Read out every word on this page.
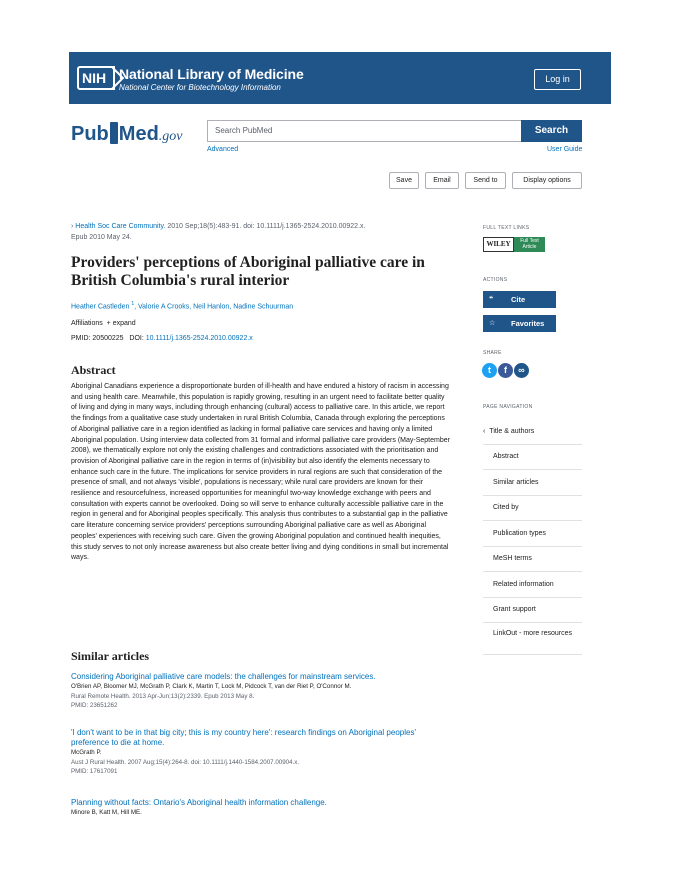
NIH National Library of Medicine
National Center for Biotechnology Information
Log in
Pub Med.gov	Search PubMed	Search
Advanced	User Guide
Save	Email	Send to	Display options
› Health Soc Care Community. 2010 Sep;18(5):483-91. doi: 10.1111/j.1365-2524.2010.00922.x.
Epub 2010 May 24.
Providers' perceptions of Aboriginal palliative care in British Columbia's rural interior
Heather Castleden $^1$, Valorie A Crooks, Neil Hanlon, Nadine Schuurman
Affiliations + expand
PMID: 20500225 DOI: 10.1111/j.1365-2524.2010.00922.x
Abstract

Aboriginal Canadians experience a disproportionate burden of ill-health and have endured a history of racism in accessing and using health care. Meanwhile, this population is rapidly growing, resulting in an urgent need to facilitate better quality of living and dying in many ways, including through enhancing (cultural) access to palliative care. In this article, we report the findings from a qualitative case study undertaken in rural British Columbia, Canada through exploring the perceptions of Aboriginal palliative care in a region identified as lacking in formal palliative care services and having only a limited Aboriginal population. Using interview data collected from 31 formal and informal palliative care providers (May-September 2008), we thematically explore not only the existing challenges and contradictions associated with the prioritisation and provision of Aboriginal palliative care in the region in terms of (in)visibility but also identify the elements necessary to enhance such care in the future. The implications for service providers in rural regions are such that consideration of the presence of small, and not always 'visible', populations is necessary; while rural care providers are known for their resilience and resourcefulness, increased opportunities for meaningful two-way knowledge exchange with peers and consultation with experts cannot be overlooked. Doing so will serve to enhance culturally accessible palliative care in the region in general and for Aboriginal peoples specifically. This analysis thus contributes to a substantial gap in the palliative care literature concerning service providers' perceptions surrounding Aboriginal palliative care as well as Aboriginal peoples' experiences with receiving such care. Given the growing Aboriginal population and continued health inequities, this study serves to not only increase awareness but also create better living and dying conditions in small but incremental ways.

Similar articles
Considering Aboriginal palliative care models: the challenges for mainstream services.
O'Brien AP, Bloomer MJ, McGrath P, Clark K, Martin T, Lock M, Pidcock T, van der Riet P, O'Connor M.
Rural Remote Health. 2013 Apr-Jun;13(2):2339. Epub 2013 May 8.
PMID: 23651262
'I don't want to be in that big city; this is my country here': research findings on Aboriginal peoples' preference to die at home.
McGrath P.
Aust J Rural Health. 2007 Aug;15(4):264-8. doi: 10.1111/j.1440-1584.2007.00904.x.
PMID: 17617091
Planning without facts: Ontario's Aboriginal health information challenge.
Minore B, Katt M, Hill ME.
FULL TEXT LINKS
WILEY	Full Text Article
ACTIONS
❝ Cite
☆ Favorites
SHARE
t	f	∞
PAGE NAVIGATION
‹ Title & authors
Abstract
Similar articles
Cited by
Publication types
MeSH terms
Related information
Grant support
LinkOut - more resources
